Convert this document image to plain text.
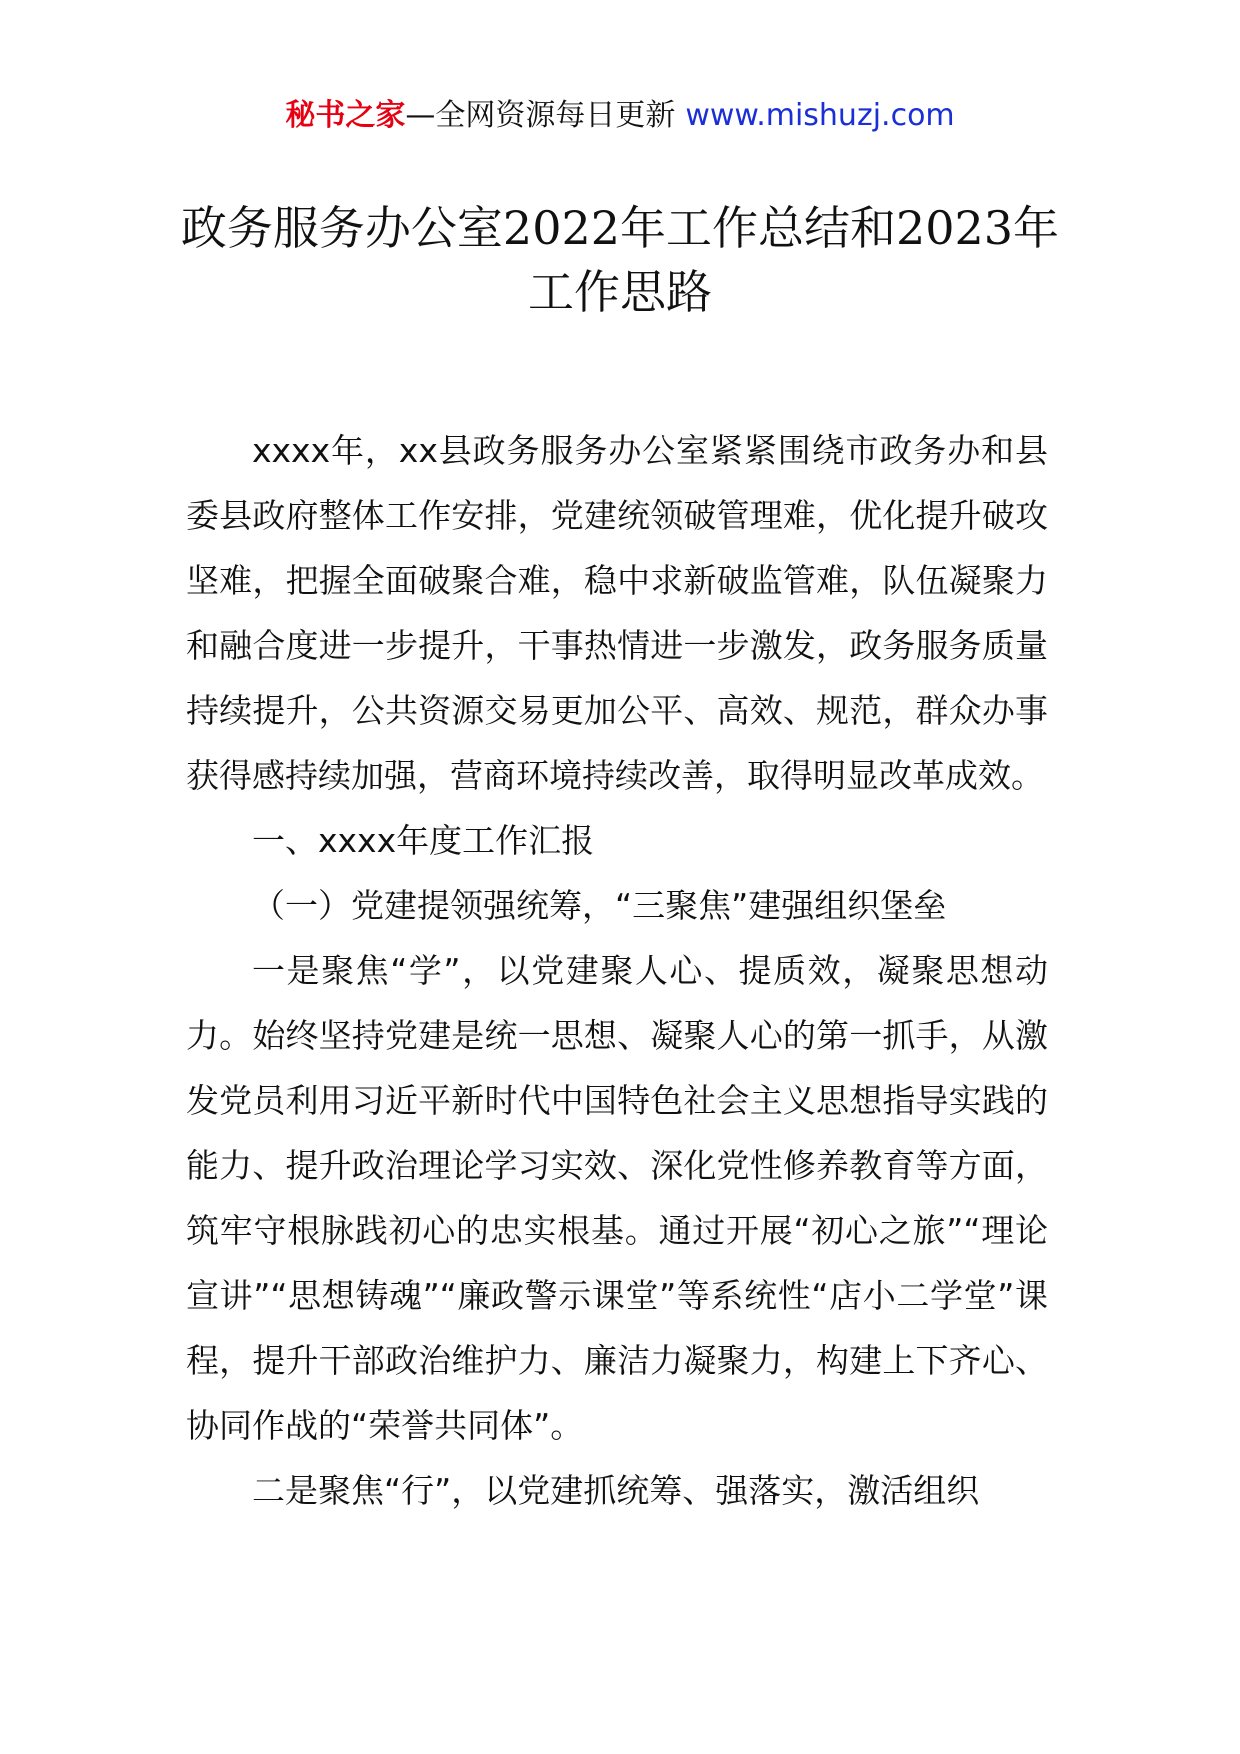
秘书之家—全网资源每日更新 www.mishuzj.com
政务服务办公室2022年工作总结和2023年
工作思路

xxxx年，xx县政务服务办公室紧紧围绕市政务办和县委县政府整体工作安排，党建统领破管理难，优化提升破攻坚难，把握全面破聚合难，稳中求新破监管难，队伍凝聚力和融合度进一步提升，干事热情进一步激发，政务服务质量持续提升，公共资源交易更加公平、高效、规范，群众办事获得感持续加强，营商环境持续改善，取得明显改革成效。

一、xxxx年度工作汇报

（一）党建提领强统筹，“三聚焦”建强组织堡垒

一是聚焦“学”，以党建聚人心、提质效，凝聚思想动力。始终坚持党建是统一思想、凝聚人心的第一抓手，从激发党员利用习近平新时代中国特色社会主义思想指导实践的能力、提升政治理论学习实效、深化党性修养教育等方面，筑牢守根脉践初心的忠实根基。通过开展“初心之旅”“理论宣讲”“思想铸魂”“廉政警示课堂”等系统性“店小二学堂”课程，提升干部政治维护力、廉洁力凝聚力，构建上下齐心、协同作战的“荣誉共同体”。

二是聚焦“行”，以党建抓统筹、强落实，激活组织
